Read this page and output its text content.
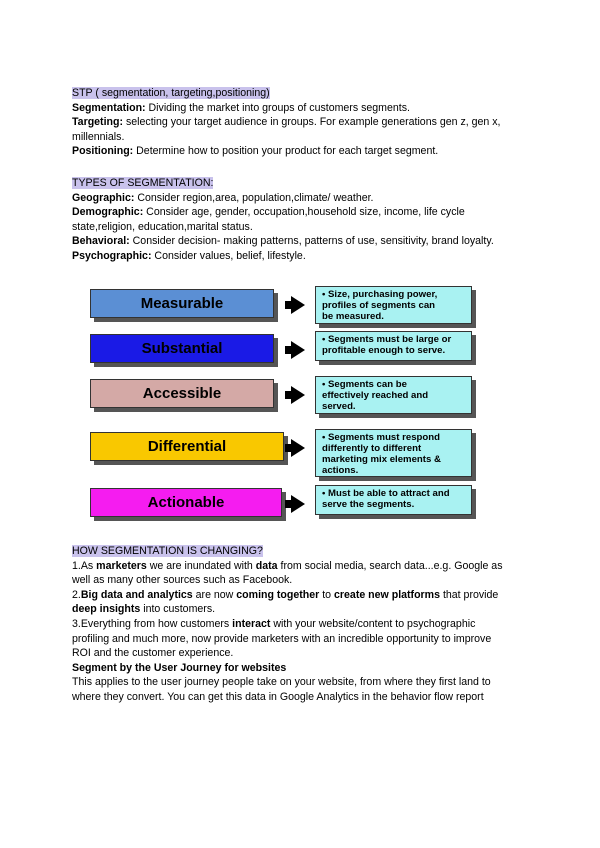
STP ( segmentation, targeting,positioning)
Segmentation: Dividing the market into groups of customers segments.
Targeting: selecting your target audience in groups. For example generations gen z, gen x,
millennials.
Positioning: Determine how to position your product for each target segment.
TYPES OF SEGMENTATION:
Geographic: Consider region,area, population,climate/ weather.
Demographic: Consider age, gender, occupation,household size, income, life cycle
state,religion, education,marital status.
Behavioral: Consider decision- making patterns, patterns of use, sensitivity, brand loyalty.
Psychographic: Consider values, belief, lifestyle.
Measurable
• Size, purchasing power,
profiles of segments can
be measured.
Substantial
• Segments must be large or
profitable enough to serve.
Accessible
• Segments can be
effectively reached and
served.
Differential
• Segments must respond
differently to different
marketing mix elements &
actions.
Actionable
• Must be able to attract and
serve the segments.
HOW SEGMENTATION IS CHANGING?
1.As marketers we are inundated with data from social media, search data...e.g. Google as
well as many other sources such as Facebook.
2.Big data and analytics are now coming together to create new platforms that provide
deep insights into customers.
3.Everything from how customers interact with your website/content to psychographic
profiling and much more, now provide marketers with an incredible opportunity to improve
ROI and the customer experience.
Segment by the User Journey for websites
This applies to the user journey people take on your website, from where they first land to
where they convert. You can get this data in Google Analytics in the behavior flow report
